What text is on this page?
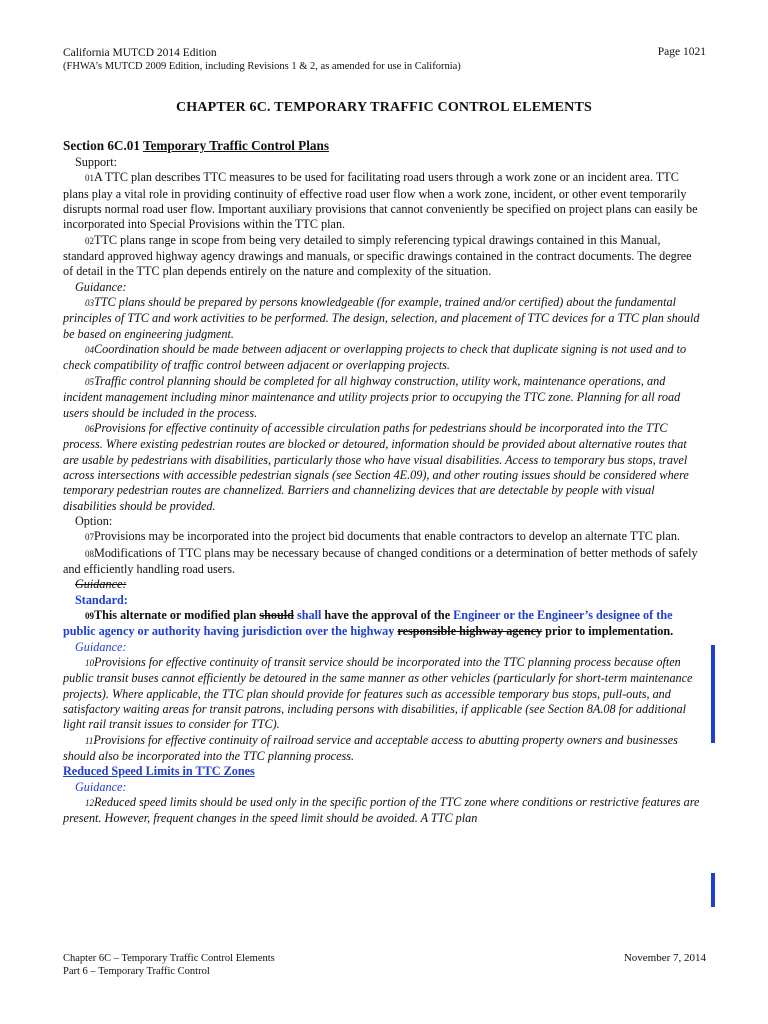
California MUTCD 2014 Edition
(FHWA’s MUTCD 2009 Edition, including Revisions 1 & 2, as amended for use in California)
Page 1021
CHAPTER 6C. TEMPORARY TRAFFIC CONTROL ELEMENTS
Section 6C.01 Temporary Traffic Control Plans
Support:
01A TTC plan describes TTC measures to be used for facilitating road users through a work zone or an incident area. TTC plans play a vital role in providing continuity of effective road user flow when a work zone, incident, or other event temporarily disrupts normal road user flow. Important auxiliary provisions that cannot conveniently be specified on project plans can easily be incorporated into Special Provisions within the TTC plan.
02TTC plans range in scope from being very detailed to simply referencing typical drawings contained in this Manual, standard approved highway agency drawings and manuals, or specific drawings contained in the contract documents. The degree of detail in the TTC plan depends entirely on the nature and complexity of the situation.
Guidance:
03TTC plans should be prepared by persons knowledgeable (for example, trained and/or certified) about the fundamental principles of TTC and work activities to be performed. The design, selection, and placement of TTC devices for a TTC plan should be based on engineering judgment.
04Coordination should be made between adjacent or overlapping projects to check that duplicate signing is not used and to check compatibility of traffic control between adjacent or overlapping projects.
05Traffic control planning should be completed for all highway construction, utility work, maintenance operations, and incident management including minor maintenance and utility projects prior to occupying the TTC zone. Planning for all road users should be included in the process.
06Provisions for effective continuity of accessible circulation paths for pedestrians should be incorporated into the TTC process. Where existing pedestrian routes are blocked or detoured, information should be provided about alternative routes that are usable by pedestrians with disabilities, particularly those who have visual disabilities. Access to temporary bus stops, travel across intersections with accessible pedestrian signals (see Section 4E.09), and other routing issues should be considered where temporary pedestrian routes are channelized. Barriers and channelizing devices that are detectable by people with visual disabilities should be provided.
Option:
07Provisions may be incorporated into the project bid documents that enable contractors to develop an alternate TTC plan.
08Modifications of TTC plans may be necessary because of changed conditions or a determination of better methods of safely and efficiently handling road users.
Guidance:
Standard:
09This alternate or modified plan should shall have the approval of the Engineer or the Engineer’s designee of the public agency or authority having jurisdiction over the highway responsible highway agency prior to implementation.
Guidance:
10Provisions for effective continuity of transit service should be incorporated into the TTC planning process because often public transit buses cannot efficiently be detoured in the same manner as other vehicles (particularly for short-term maintenance projects). Where applicable, the TTC plan should provide for features such as accessible temporary bus stops, pull-outs, and satisfactory waiting areas for transit patrons, including persons with disabilities, if applicable (see Section 8A.08 for additional light rail transit issues to consider for TTC).
11Provisions for effective continuity of railroad service and acceptable access to abutting property owners and businesses should also be incorporated into the TTC planning process.
Reduced Speed Limits in TTC Zones
Guidance:
12Reduced speed limits should be used only in the specific portion of the TTC zone where conditions or restrictive features are present. However, frequent changes in the speed limit should be avoided. A TTC plan
Chapter 6C – Temporary Traffic Control Elements
Part 6 – Temporary Traffic Control
November 7, 2014
